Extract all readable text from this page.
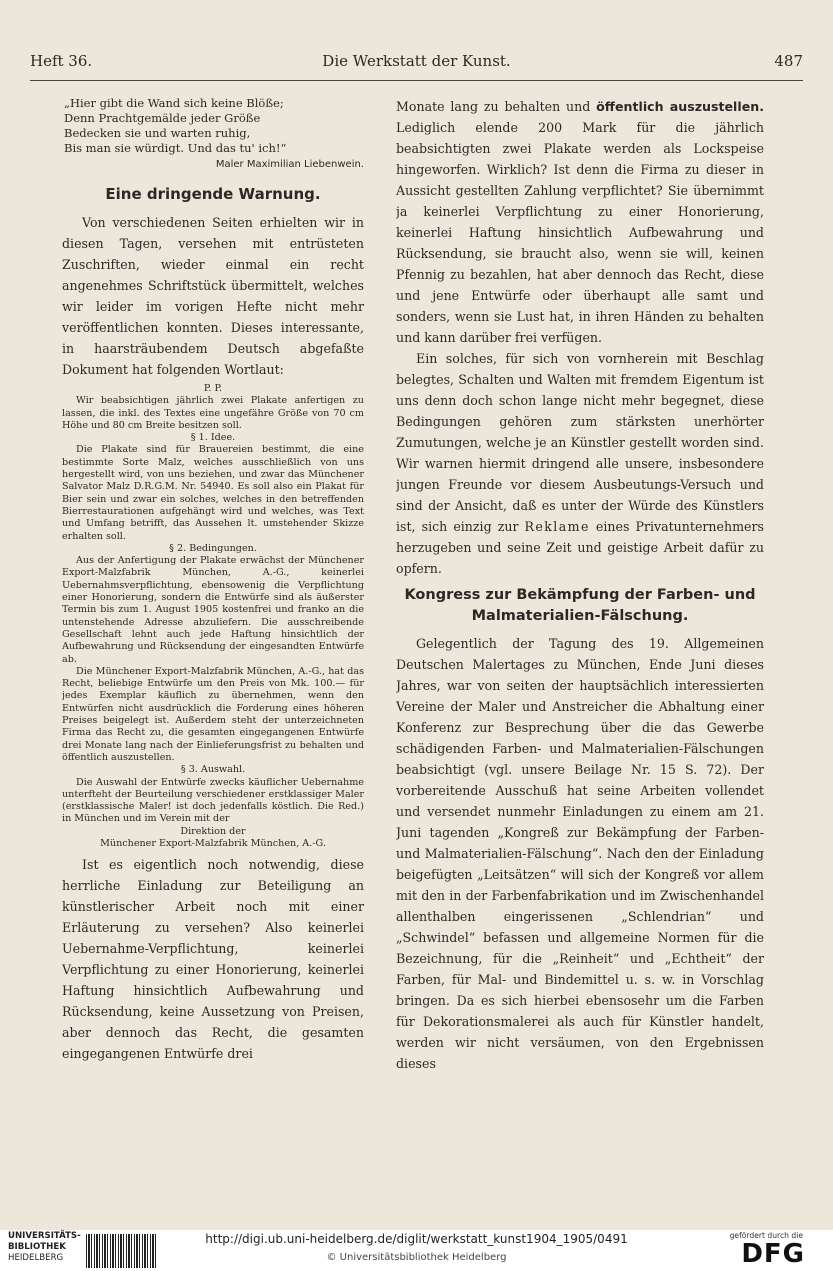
Heft 36.	Die Werkstatt der Kunst.	487
„Hier gibt die Wand sich keine Blöße;
Denn Prachtgemälde jeder Größe
Bedecken sie und warten ruhig,
Bis man sie würdigt. Und das tu' ich!“
Maler Maximilian Liebenwein.
Eine dringende Warnung.

Von verschiedenen Seiten erhielten wir in diesen Tagen, versehen mit entrüsteten Zuschriften, wieder einmal ein recht angenehmes Schriftstück übermittelt, welches wir leider im vorigen Hefte nicht mehr veröffentlichen konnten. Dieses interessante, in haarsträubendem Deutsch abgefaßte Dokument hat folgenden Wortlaut:

P. P.

Wir beabsichtigen jährlich zwei Plakate anfertigen zu lassen, die inkl. des Textes eine ungefähre Größe von 70 cm Höhe und 80 cm Breite besitzen soll.

§ 1. Idee.

Die Plakate sind für Brauereien bestimmt, die eine bestimmte Sorte Malz, welches ausschließlich von uns hergestellt wird, von uns beziehen, und zwar das Münchener Salvator Malz D.R.G.M. Nr. 54940. Es soll also ein Plakat für Bier sein und zwar ein solches, welches in den betreffenden Bierrestaurationen aufgehängt wird und welches, was Text und Umfang betrifft, das Aussehen lt. umstehender Skizze erhalten soll.

§ 2. Bedingungen.

Aus der Anfertigung der Plakate erwächst der Münchener Export-Malzfabrik München, A.-G., keinerlei Uebernahmsverpflichtung, ebensowenig die Verpflichtung einer Honorierung, sondern die Entwürfe sind als äußerster Termin bis zum 1. August 1905 kostenfrei und franko an die untenstehende Adresse abzuliefern. Die ausschreibende Gesellschaft lehnt auch jede Haftung hinsichtlich der Aufbewahrung und Rücksendung der eingesandten Entwürfe ab.

Die Münchener Export-Malzfabrik München, A.-G., hat das Recht, beliebige Entwürfe um den Preis von Mk. 100.— für jedes Exemplar käuflich zu übernehmen, wenn den Entwürfen nicht ausdrücklich die Forderung eines höheren Preises beigelegt ist. Außerdem steht der unterzeichneten Firma das Recht zu, die gesamten eingegangenen Entwürfe drei Monate lang nach der Einlieferungsfrist zu behalten und öffentlich auszustellen.

§ 3. Auswahl.

Die Auswahl der Entwürfe zwecks käuflicher Uebernahme unterfteht der Beurteilung verschiedener erstklassiger Maler (erstklassische Maler! ist doch jedenfalls köstlich. Die Red.) in München und im Verein mit der

Direktion der

Münchener Export-Malzfabrik München, A.-G.

Ist es eigentlich noch notwendig, diese herrliche Einladung zur Beteiligung an künstlerischer Arbeit noch mit einer Erläuterung zu versehen? Also keinerlei Uebernahme-Verpflichtung, keinerlei Verpflichtung zu einer Honorierung, keinerlei Haftung hinsichtlich Aufbewahrung und Rücksendung, keine Aussetzung von Preisen, aber dennoch das Recht, die gesamten eingegangenen Entwürfe drei

Monate lang zu behalten und öffentlich auszustellen. Lediglich elende 200 Mark für die jährlich beabsichtigten zwei Plakate werden als Lockspeise hingeworfen. Wirklich? Ist denn die Firma zu dieser in Aussicht gestellten Zahlung verpflichtet? Sie übernimmt ja keinerlei Verpflichtung zu einer Honorierung, keinerlei Haftung hinsichtlich Aufbewahrung und Rücksendung, sie braucht also, wenn sie will, keinen Pfennig zu bezahlen, hat aber dennoch das Recht, diese und jene Entwürfe oder überhaupt alle samt und sonders, wenn sie Lust hat, in ihren Händen zu behalten und kann darüber frei verfügen.

Ein solches, für sich von vornherein mit Beschlag belegtes, Schalten und Walten mit fremdem Eigentum ist uns denn doch schon lange nicht mehr begegnet, diese Bedingungen gehören zum stärksten unerhörter Zumutungen, welche je an Künstler gestellt worden sind. Wir warnen hiermit dringend alle unsere, insbesondere jungen Freunde vor diesem Ausbeutungs-Versuch und sind der Ansicht, daß es unter der Würde des Künstlers ist, sich einzig zur Reklame eines Privatunternehmers herzugeben und seine Zeit und geistige Arbeit dafür zu opfern.

Kongress zur Bekämpfung der Farben- und Malmaterialien-Fälschung.

Gelegentlich der Tagung des 19. Allgemeinen Deutschen Malertages zu München, Ende Juni dieses Jahres, war von seiten der hauptsächlich interessierten Vereine der Maler und Anstreicher die Abhaltung einer Konferenz zur Besprechung über die das Gewerbe schädigenden Farben- und Malmaterialien-Fälschungen beabsichtigt (vgl. unsere Beilage Nr. 15 S. 72). Der vorbereitende Ausschuß hat seine Arbeiten vollendet und versendet nunmehr Einladungen zu einem am 21. Juni tagenden „Kongreß zur Bekämpfung der Farben- und Malmaterialien-Fälschung“. Nach den der Einladung beigefügten „Leitsätzen“ will sich der Kongreß vor allem mit den in der Farbenfabrikation und im Zwischenhandel allenthalben eingerissenen „Schlendrian“ und „Schwindel“ befassen und allgemeine Normen für die Bezeichnung, für die „Reinheit“ und „Echtheit“ der Farben, für Mal- und Bindemittel u. s. w. in Vorschlag bringen. Da es sich hierbei ebensosehr um die Farben für Dekorationsmalerei als auch für Künstler handelt, werden wir nicht versäumen, von den Ergebnissen dieses

UNIVERSITÄTS-
BIBLIOTHEK
HEIDELBERG
http://digi.ub.uni-heidelberg.de/diglit/werkstatt_kunst1904_1905/0491
© Universitätsbibliothek Heidelberg
gefördert durch die
DFG
